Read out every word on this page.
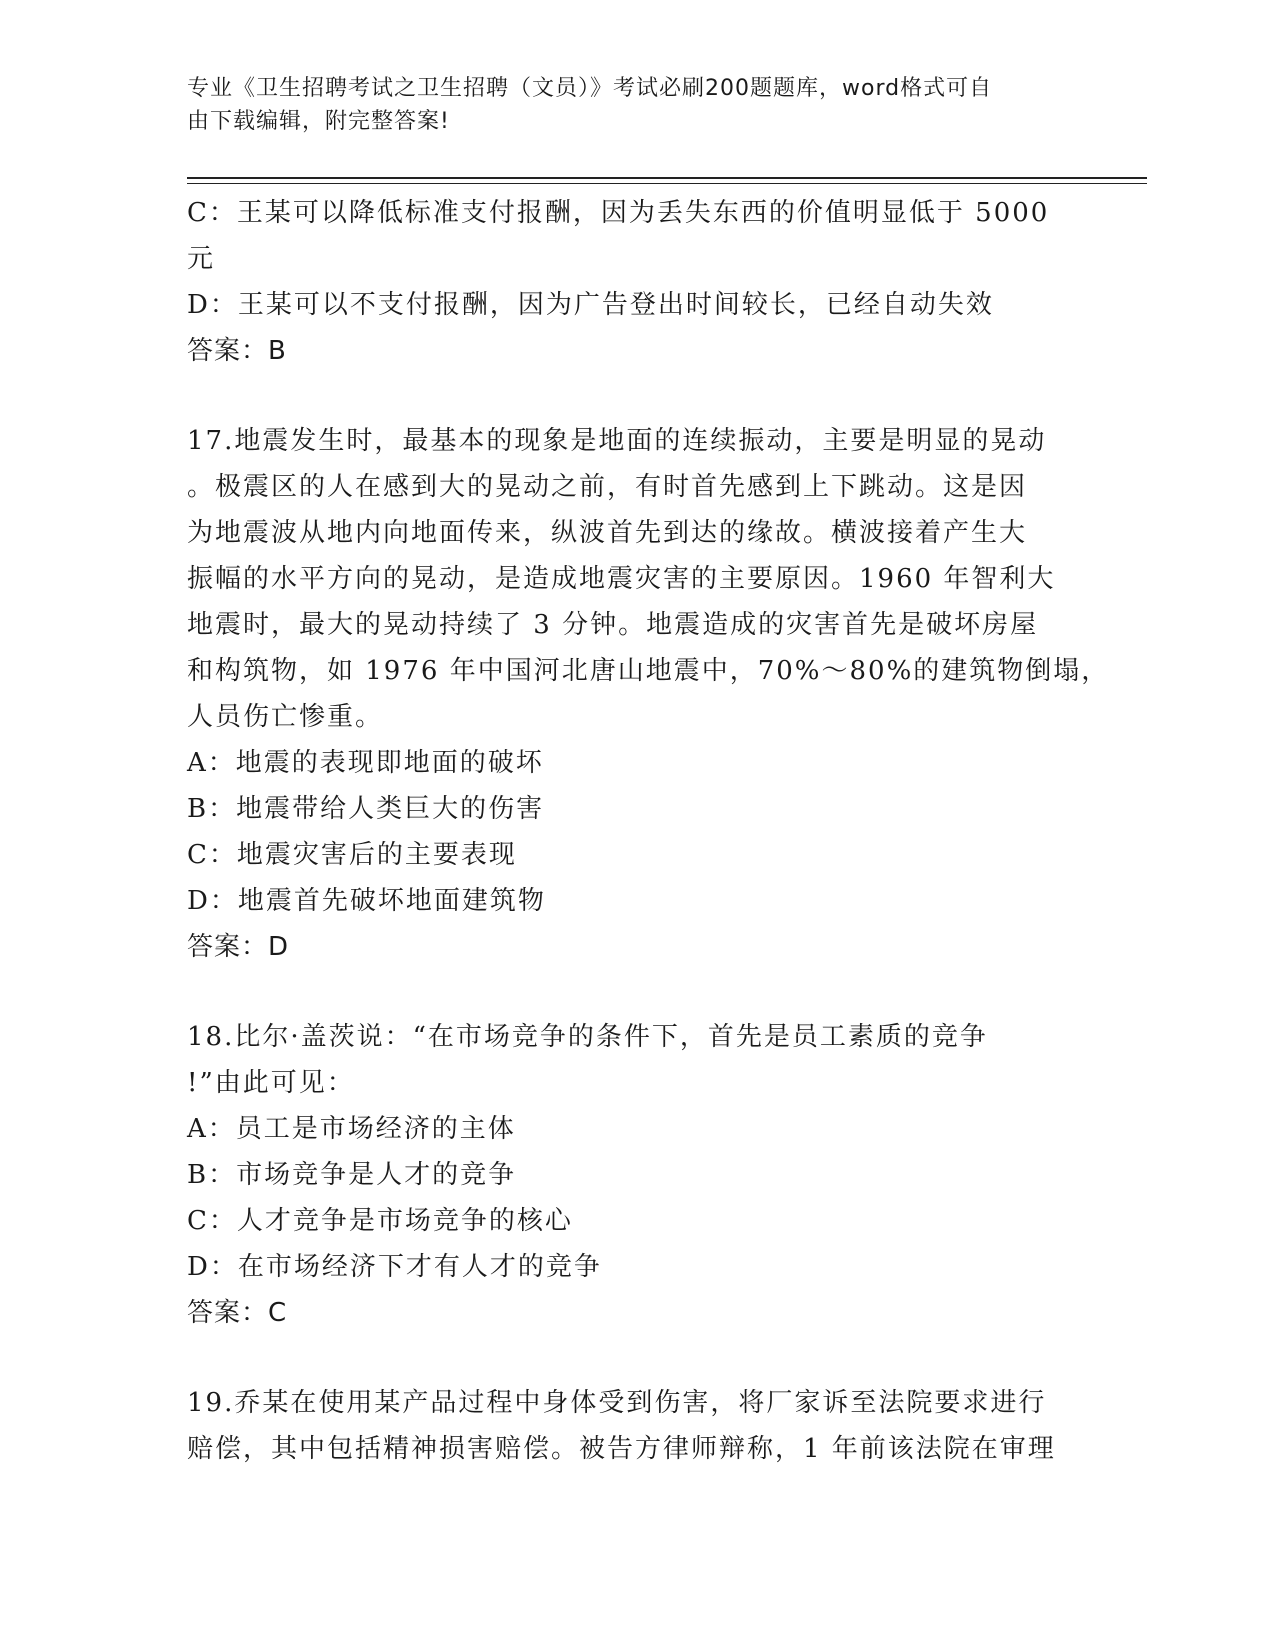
专业《卫生招聘考试之卫生招聘（文员）》考试必刷200题题库，word格式可自
由下载编辑，附完整答案!
C：王某可以降低标准支付报酬，因为丢失东西的价值明显低于 5000
元
D：王某可以不支付报酬，因为广告登出时间较长，已经自动失效
答案：B
17.地震发生时，最基本的现象是地面的连续振动，主要是明显的晃动
。极震区的人在感到大的晃动之前，有时首先感到上下跳动。这是因
为地震波从地内向地面传来，纵波首先到达的缘故。横波接着产生大
振幅的水平方向的晃动，是造成地震灾害的主要原因。1960 年智利大
地震时，最大的晃动持续了 3 分钟。地震造成的灾害首先是破坏房屋
和构筑物，如 1976 年中国河北唐山地震中，70%～80%的建筑物倒塌，
人员伤亡惨重。
A：地震的表现即地面的破坏
B：地震带给人类巨大的伤害
C：地震灾害后的主要表现
D：地震首先破坏地面建筑物
答案：D
18.比尔·盖茨说：“在市场竞争的条件下，首先是员工素质的竞争
!”由此可见：
A：员工是市场经济的主体
B：市场竞争是人才的竞争
C：人才竞争是市场竞争的核心
D：在市场经济下才有人才的竞争
答案：C
19.乔某在使用某产品过程中身体受到伤害，将厂家诉至法院要求进行
赔偿，其中包括精神损害赔偿。被告方律师辩称，1 年前该法院在审理
